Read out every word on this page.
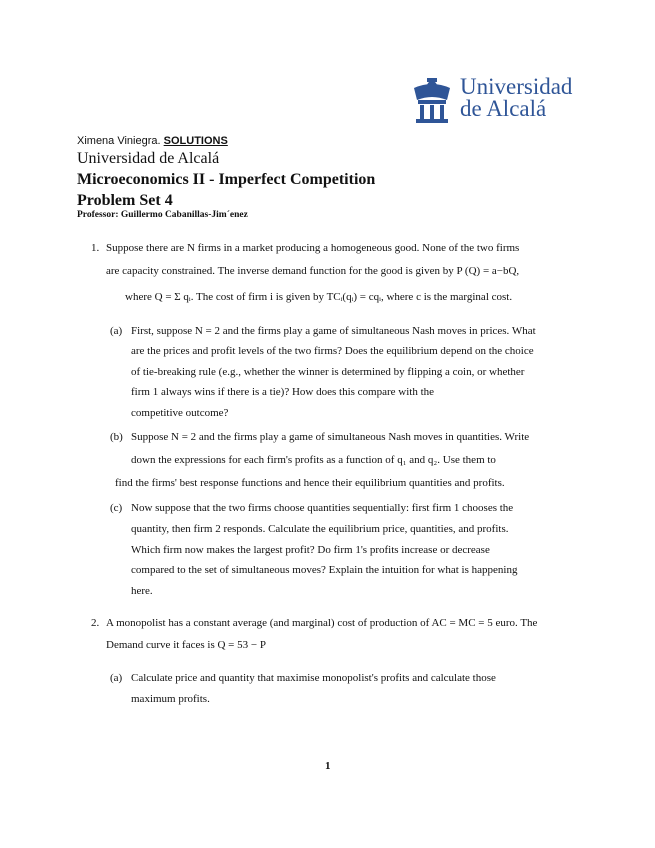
Universidad
de Alcalá
Ximena Viniegra. SOLUTIONS
Universidad de Alcalá
Microeconomics II - Imperfect Competition
Problem Set 4
Professor: Guillermo Cabanillas-Jim´enez
1. Suppose there are N firms in a market producing a homogeneous good. None of the two firms
are capacity constrained. The inverse demand function for the good is given by P (Q) = a−bQ,
where Q = Σ qᵢ. The cost of firm i is given by TCᵢ(qᵢ) = cqᵢ, where c is the marginal cost.
(a) First, suppose N = 2 and the firms play a game of simultaneous Nash moves in prices. What
are the prices and profit levels of the two firms? Does the equilibrium depend on the choice
of tie-breaking rule (e.g., whether the winner is determined by flipping a coin, or whether
firm 1 always wins if there is a tie)? How does this compare with the
competitive outcome?
(b) Suppose N = 2 and the firms play a game of simultaneous Nash moves in quantities. Write
down the expressions for each firm's profits as a function of q₁ and q₂. Use them to
find the firms' best response functions and hence their equilibrium quantities and profits.
(c) Now suppose that the two firms choose quantities sequentially: first firm 1 chooses the
quantity, then firm 2 responds. Calculate the equilibrium price, quantities, and profits.
Which firm now makes the largest profit? Do firm 1's profits increase or decrease
compared to the set of simultaneous moves? Explain the intuition for what is happening
here.
2. A monopolist has a constant average (and marginal) cost of production of AC = MC = 5 euro. The
Demand curve it faces is Q = 53 − P
(a) Calculate price and quantity that maximise monopolist's profits and calculate those
maximum profits.
1
